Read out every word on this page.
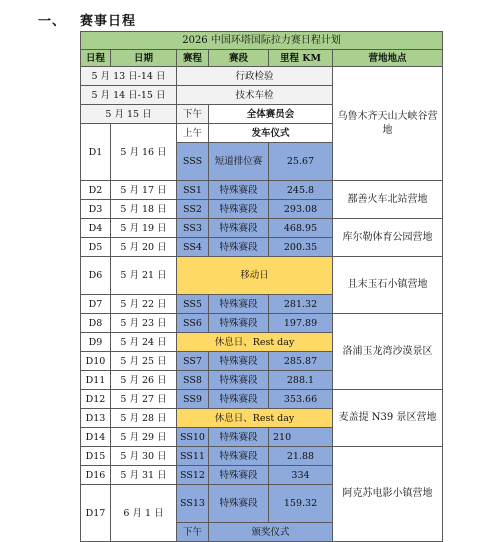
一、 赛事日程
2026 中国环塔国际拉力赛日程计划					
日程	日期	赛程	赛段	里程 KM	营地地点
5 月 13 日-14 日		行政检验			乌鲁木齐天山大峡谷营地
5 月 14 日-15 日		技术车检			
5 月 15 日		下午	全体赛员会		
D1	5 月 16 日	上午	发车仪式		
		SSS	短道排位赛	25.67	

D2	5 月 17 日	SS1	特殊赛段	245.8	鄯善火车北站营地
D3	5 月 18 日	SS2	特殊赛段	293.08	
D4	5 月 19 日	SS3	特殊赛段	468.95	库尔勒体育公园营地
D5	5 月 20 日	SS4	特殊赛段	200.35	
D6	5 月 21 日	移动日			且末玉石小镇营地

D7	5 月 22 日	SS5	特殊赛段	281.32	
D8	5 月 23 日	SS6	特殊赛段	197.89	洛浦玉龙湾沙漠景区
D9	5 月 24 日	休息日、Rest day			
D10	5 月 25 日	SS7	特殊赛段	285.87	
D11	5 月 26 日	SS8	特殊赛段	288.1	
D12	5 月 27 日	SS9	特殊赛段	353.66	麦盖提 N39 景区营地
D13	5 月 28 日	休息日、Rest day			
D14	5 月 29 日	SS10	特殊赛段	210	
D15	5 月 30 日	SS11	特殊赛段	21.88	阿克苏电影小镇营地
D16	5 月 31 日	SS12	特殊赛段	334	
D17	6 月 1 日	SS13	特殊赛段	159.32	

		下午	颁奖仪式		
